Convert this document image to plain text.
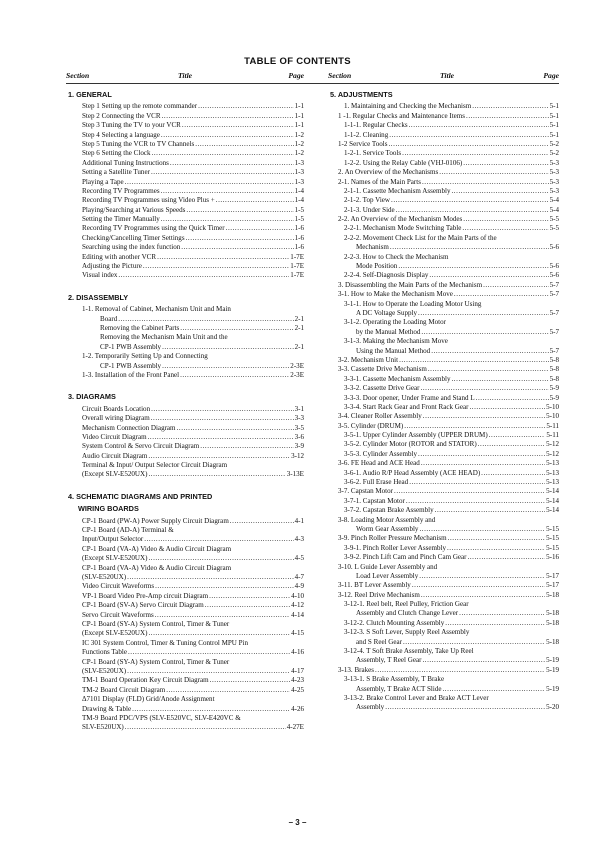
TABLE OF CONTENTS
Section	Title	Page	Section	Title	Page
1. GENERAL
Step 1 Setting up the remote commander . . .	1-1
Step 2 Connecting the VCR . . .	1-1
Step 3 Tuning the TV to your VCR . . .	1-1
Step 4 Selecting a language . . .	1-2
Step 5 Tuning the VCR to TV Channels . . .	1-2
Step 6 Setting the Clock . . .	1-2
Additional Tuning Instructions . . .	1-3
Setting a Satellite Tuner . . .	1-3
Playing a Tape . . .	1-3
Recording TV Programmes . . .	1-4
Recording TV Programmes using Video Plus + . . .	1-4
Playing/Searching at Various Speeds . . .	1-5
Setting the Timer Manually . . .	1-5
Recording TV Programmes using the Quick Timer . . .	1-6
Checking/Cancelling Timer Settings . . .	1-6
Searching using the index function . . .	1-6
Editing with another VCR . . .	1-7E
Adjusting the Picture . . .	1-7E
Visual index . . .	1-7E
2. DISASSEMBLY
1-1. Removal of Cabinet, Mechanism Unit and Main
Board . . .	2-1
Removing the Cabinet Parts . . .	2-1
Removing the Mechanism Main Unit and the
CP-1 PWB Assembly . . .	2-1
1-2. Temporarily Setting Up and Connecting
CP-1 PWB Assembly . . .	2-3E
1-3. Installation of the Front Panel . . .	2-3E
3. DIAGRAMS
Circuit Boards Location . . .	3-1
Overall wiring Diagram . . .	3-3
Mechanism Connection Diagram . . .	3-5
Video Circuit Diagram . . .	3-6
System Control & Servo Circuit Diagram . . .	3-9
Audio Circuit Diagram . . .	3-12
Terminal & Input/ Output Selector Circuit Diagram
(Except SLV-E520UX) . . .	3-13E
4. SCHEMATIC DIAGRAMS AND PRINTED
WIRING BOARDS
CP-1 Board (PW-A) Power Supply Circuit Diagram . . .	4-1
CP-1 Board (AD-A) Terminal &
Input/Output Selector . . .	4-3
CP-1 Board (VA-A) Video & Audio Circuit Diagram
(Except SLV-E520UX) . . .	4-5
CP-1 Board (VA-A) Video & Audio Circuit Diagram
(SLV-E520UX) . . .	4-7
Video Circuit Waveforms . . .	4-9
VP-1 Board Video Pre-Amp circuit Diagram . . .	4-10
CP-1 Board (SV-A) Servo Circuit Diagram . . .	4-12
Servo Circuit Waveforms . . .	4-14
CP-1 Board (SY-A) System Control, Timer & Tuner
(Except SLV-E520UX) . . .	4-15
IC 301 System Control, Timer & Tuning Control MPU Pin
Functions Table . . .	4-16
CP-1 Board (SY-A) System Control, Timer & Tuner
(SLV-E520UX) . . .	4-17
TM-1 Board Operation Key Circuit Diagram . . .	4-23
TM-2 Board Circuit Diagram . . .	4-25
Δ7101 Display (FLD) Grid/Anode Assignment
Drawing & Table . . .	4-26
TM-9 Board PDC/VPS (SLV-E520VC, SLV-E420VC &
SLV-E520UX) . . .	4-27E
5. ADJUSTMENTS
1. Maintaining and Checking the Mechanism . . .	5-1
1 -1. Regular Checks and Maintenance Items . . .	5-1
1-1-1. Regular Checks . . .	5-1
1-1-2. Cleaning . . .	5-1
1-2 Service Tools . . .	5-2
1-2-1. Service Tools . . .	5-2
1-2-2. Using the Relay Cable (VHJ-0106) . . .	5-3
2. An Overview of the Mechanisms . . .	5-3
2-1. Names of the Main Parts . . .	5-3
2-1-1. Cassette Mechanism Assembly . . .	5-3
2-1-2. Top View . . .	5-4
2-1-3. Under Side . . .	5-4
2-2. An Overview of the Mechanism Modes . . .	5-5
2-2-1. Mechanism Mode Switching Table . . .	5-5
2-2-2. Movement Check List for the Main Parts of the
Mechanism . . .	5-6
2-2-3. How to Check the Mechanism
Mode Position . . .	5-6
2-2-4. Self-Diagnosis Display . . .	5-6
3. Disassembling the Main Parts of the Mechanism . . .	5-7
3-1. How to Make the Mechanism Move . . .	5-7
3-1-1. How to Operate the Loading Motor Using
A DC Voltage Supply . . .	5-7
3-1-2. Operating the Loading Motor
by the Manual Method . . .	5-7
3-1-3. Making the Mechanism Move
Using the Manual Method . . .	5-7
3-2. Mechanism Unit . . .	5-8
3-3. Cassette Drive Mechanism . . .	5-8
3-3-1. Cassette Mechanism Assembly . . .	5-8
3-3-2. Cassette Drive Gear . . .	5-9
3-3-3. Door opener, Under Frame and Stand L . . .	5-9
3-3-4. Start Rack Gear and Front Rack Gear . . .	5-10
3-4. Cleaner Roller Assembly . . .	5-10
3-5. Cylinder (DRUM) . . .	5-11
3-5-1. Upper Cylinder Assembly (UPPER DRUM) . . .	5-11
3-5-2. Cylinder Motor (ROTOR and STATOR) . . .	5-12
3-5-3. Cylinder Assembly . . .	5-12
3-6. FE Head and ACE Head . . .	5-13
3-6-1. Audio R/P Head Assembly (ACE HEAD) . . .	5-13
3-6-2. Full Erase Head . . .	5-13
3-7. Capstan Motor . . .	5-14
3-7-1. Capstan Motor . . .	5-14
3-7-2. Capstan Brake Assembly . . .	5-14
3-8. Loading Motor Assembly and
Worm Gear Assembly . . .	5-15
3-9. Pinch Roller Pressure Mechanism . . .	5-15
3-9-1. Pinch Roller Lever Assembly . . .	5-15
3-9-2. Pinch Lift Cam and Pinch Cam Gear . . .	5-16
3-10. L Guide Lever Assembly and
Load Lever Assembly . . .	5-17
3-11. BT Lever Assembly . . .	5-17
3-12. Reel Drive Mechanism . . .	5-18
3-12-1. Reel belt, Reel Pulley, Friction Gear
Assembly and Clutch Change Lever . . .	5-18
3-12-2. Clutch Mounting Assembly . . .	5-18
3-12-3. S Soft Lever, Supply Reel Assembly
and S Reel Gear . . .	5-18
3-12-4. T Soft Brake Assembly, Take Up Reel
Assembly, T Reel Gear . . .	5-19
3-13. Brakes . . .	5-19
3-13-1. S Brake Assembly, T Brake
Assembly, T Brake ACT Slide . . .	5-19
3-13-2. Brake Control Lever and Brake ACT Lever
Assembly . . .	5-20
– 3 –
